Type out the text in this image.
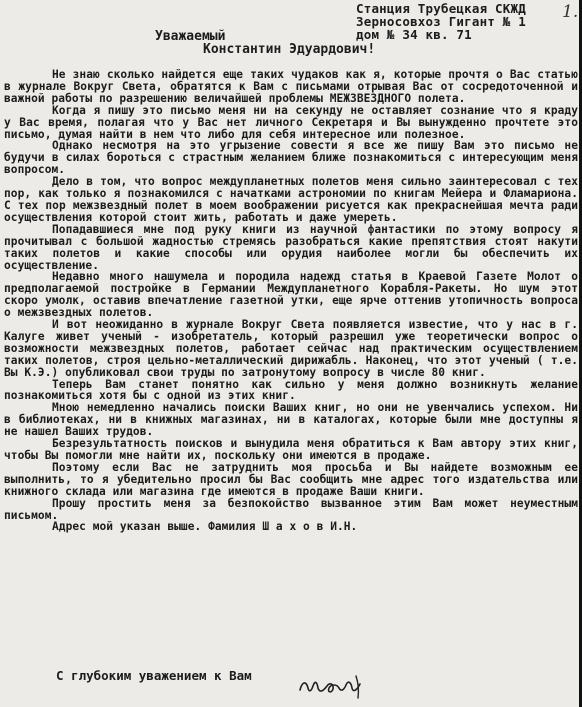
Станция Трубецкая СКЖД
Зерносовхоз Гигант № 1
дом № 34 кв. 71
1.
Уважаемый
Константин Эдуардович!

Не знаю сколько найдется еще таких чудаков как я, которые прочтя о Вас статью в журнале Вокруг Света, обратятся к Вам с письмами отрывая Вас от сосредоточенной и важной работы по разрешению величайшей проблемы МЕЖЗВЕЗДНОГО полета.

Когда я пишу это письмо меня ни на секунду не оставляет сознание что я краду у Вас время, полагая что у Вас нет личного Секретаря и Вы вынужденно прочтете это письмо, думая найти в нем что либо для себя интересное или полезное.

Однако несмотря на это угрызение совести я все же пишу Вам это письмо не будучи в силах бороться с страстным желанием ближе познакомиться с интересующим меня вопросом.

Дело в том, что вопрос междупланетных полетов меня сильно заинтересовал с тех пор, как только я познакомился с начатками астрономии по книгам Мейера и Фламариона. С тех пор межзвездный полет в моем воображении рисуется как прекраснейшая мечта ради осуществления которой стоит жить, работать и даже умереть.

Попадавшиеся мне под руку книги из научной фантастики по этому вопросу я прочитывал с большой жадностью стремясь разобраться какие препятствия стоят накути таких полетов и какие способы или орудия наиболее могли бы обеспечить их осуществление.

Недавно много нашумела и породила надежд статья в Краевой Газете Молот о предполагаемой постройке в Германии Междупланетного Корабля-Ракеты. Но шум этот скоро умолк, оставив впечатление газетной утки, еще ярче оттенив утопичность вопроса о межзвездных полетов.

И вот неожиданно в журнале Вокруг Света появляется известие, что у нас в г. Калуге живет ученый - изобретатель, который разрешил уже теоретически вопрос о возможности межзвездных полетов, работает сейчас над практическим осуществлением таких полетов, строя цельно-металлический дирижабль. Наконец, что этот ученый ( т.е. Вы К.Э.) опубликовал свои труды по затронутому вопросу в числе 80 книг.

Теперь Вам станет понятно как сильно у меня должно возникнуть желание познакомиться хотя бы с одной из этих книг.

Мною немедленно начались поиски Ваших книг, но они не увенчались успехом. Ни в библиотеках, ни в книжных магазинах, ни в каталогах, которые были мне доступны я не нашел Ваших трудов.

Безрезультатность поисков и вынудила меня обратиться к Вам автору этих книг, чтобы Вы помогли мне найти их, поскольку они имеются в продаже.

Поэтому если Вас не затруднить моя просьба и Вы найдете возможным ее выполнить, то я убедительно просил бы Вас сообщить мне адрес того издательства или книжного склада или магазина где имеются в продаже Ваши книги.

Прошу простить меня за безпокойство вызванное этим Вам может неуместным письмом.

Адрес мой указан выше. Фамилия Ш а х о в И.Н.

С глубоким уважением к Вам
